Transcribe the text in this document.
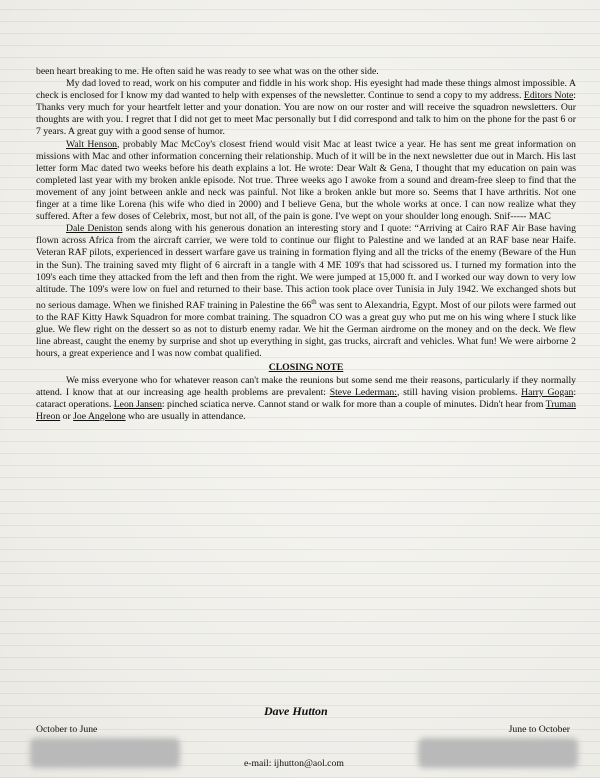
been heart breaking to me. He often said he was ready to see what was on the other side.

My dad loved to read, work on his computer and fiddle in his work shop. His eyesight had made these things almost impossible. A check is enclosed for I know my dad wanted to help with expenses of the newsletter. Continue to send a copy to my address. Editors Note: Thanks very much for your heartfelt letter and your donation. You are now on our roster and will receive the squadron newsletters. Our thoughts are with you. I regret that I did not get to meet Mac personally but I did correspond and talk to him on the phone for the past 6 or 7 years. A great guy with a good sense of humor.

Walt Henson, probably Mac McCoy's closest friend would visit Mac at least twice a year. He has sent me great information on missions with Mac and other information concerning their relationship. Much of it will be in the next newsletter due out in March. His last letter form Mac dated two weeks before his death explains a lot. He wrote: Dear Walt & Gena, I thought that my education on pain was completed last year with my broken ankle episode. Not true. Three weeks ago I awoke from a sound and dream-free sleep to find that the movement of any joint between ankle and neck was painful. Not like a broken ankle but more so. Seems that I have arthritis. Not one finger at a time like Lorena (his wife who died in 2000) and I believe Gena, but the whole works at once. I can now realize what they suffered. After a few doses of Celebrix, most, but not all, of the pain is gone. I've wept on your shoulder long enough. Snif----- MAC

Dale Deniston sends along with his generous donation an interesting story and I quote: “Arriving at Cairo RAF Air Base having flown across Africa from the aircraft carrier, we were told to continue our flight to Palestine and we landed at an RAF base near Haife. Veteran RAF pilots, experienced in dessert warfare gave us training in formation flying and all the tricks of the enemy (Beware of the Hun in the Sun). The training saved mty flight of 6 aircraft in a tangle with 4 ME 109's that had scissored us. I turned my formation into the 109's each time they attacked from the left and then from the right. We were jumped at 15,000 ft. and I worked our way down to very low altitude. The 109's were low on fuel and returned to their base. This action took place over Tunisia in July 1942. We exchanged shots but no serious damage. When we finished RAF training in Palestine the 66th was sent to Alexandria, Egypt. Most of our pilots were farmed out to the RAF Kitty Hawk Squadron for more combat training. The squadron CO was a great guy who put me on his wing where I stuck like glue. We flew right on the dessert so as not to disturb enemy radar. We hit the German airdrome on the money and on the deck. We flew line abreast, caught the enemy by surprise and shot up everything in sight, gas trucks, aircraft and vehicles. What fun! We were airborne 2 hours, a great experience and I was now combat qualified.

CLOSING NOTE

We miss everyone who for whatever reason can't make the reunions but some send me their reasons, particularly if they normally attend. I know that at our increasing age health problems are prevalent: Steve Lederman:, still having vision problems. Harry Gogan: cataract operations. Leon Jansen: pinched sciatica nerve. Cannot stand or walk for more than a couple of minutes. Didn't hear from Truman Hreon or Joe Angelone who are usually in attendance.

Dave Hutton
October to June	June to October
e-mail: ijhutton@aol.com
